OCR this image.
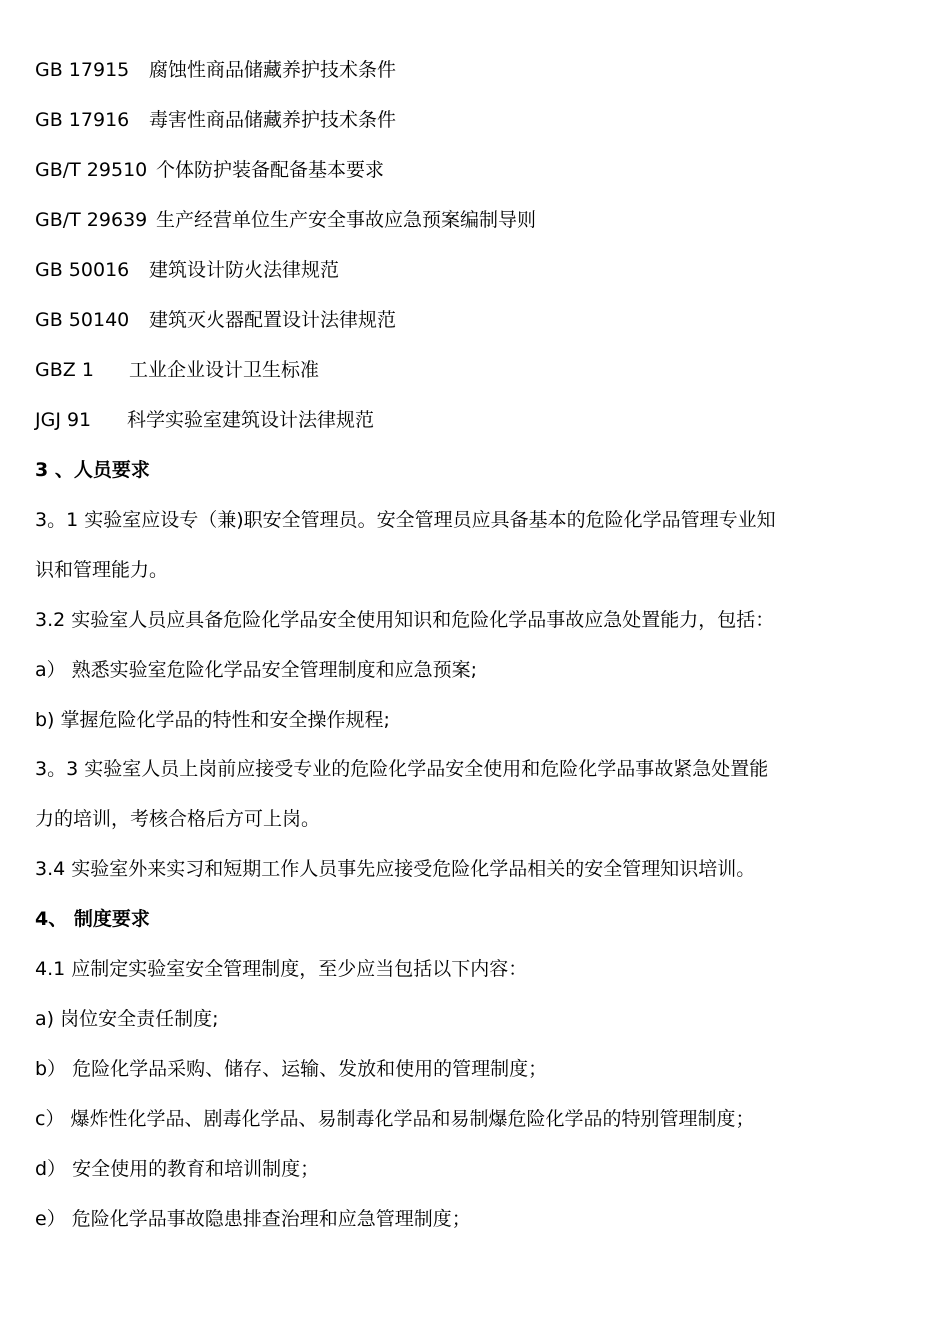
GB 17915 腐蚀性商品储藏养护技术条件
GB 17916 毒害性商品储藏养护技术条件
GB/T 29510 个体防护装备配备基本要求
GB/T 29639 生产经营单位生产安全事故应急预案编制导则
GB 50016 建筑设计防火法律规范
GB 50140 建筑灭火器配置设计法律规范
GBZ 1 工业企业设计卫生标准
JGJ 91 科学实验室建筑设计法律规范
3 、人员要求
3。1 实验室应设专（兼)职安全管理员。安全管理员应具备基本的危险化学品管理专业知
识和管理能力。
3.2 实验室人员应具备危险化学品安全使用知识和危险化学品事故应急处置能力，包括：
a） 熟悉实验室危险化学品安全管理制度和应急预案;
b) 掌握危险化学品的特性和安全操作规程;
3。3 实验室人员上岗前应接受专业的危险化学品安全使用和危险化学品事故紧急处置能
力的培训，考核合格后方可上岗。
3.4 实验室外来实习和短期工作人员事先应接受危险化学品相关的安全管理知识培训。
4、 制度要求
4.1 应制定实验室安全管理制度，至少应当包括以下内容：
a) 岗位安全责任制度;
b） 危险化学品采购、储存、运输、发放和使用的管理制度；
c） 爆炸性化学品、剧毒化学品、易制毒化学品和易制爆危险化学品的特别管理制度；
d） 安全使用的教育和培训制度；
e） 危险化学品事故隐患排查治理和应急管理制度；
